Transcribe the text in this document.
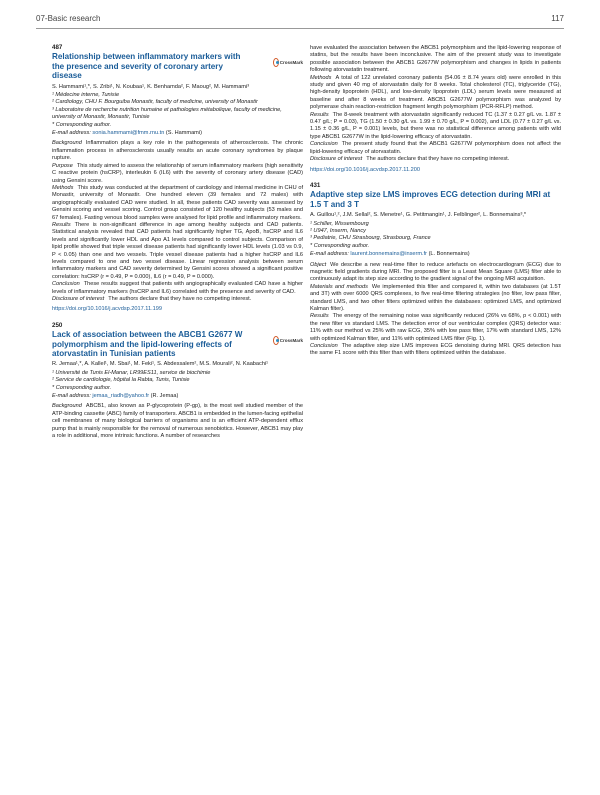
07-Basic research	117
487
Relationship between inflammatory markers with the presence and severity of coronary artery disease
CrossMark
S. Hammami¹,*, S. Zribi¹, N. Koubaa¹, K. Benhamda², F. Maoug², M. Hammami³
¹ Médecine interne, Tunisie
² Cardiology, CHU F. Bourguiba Monastir, faculty of medicine, university of Monastir
³ Laboratoire de recherche nutrition humaine et pathologies métabolique, faculty of medicine, university of Monastir, Monastir, Tunisie
* Corresponding author.
E-mail address: sonia.hammami@fmm.rnu.tn (S. Hammami)

Background Inflammation plays a key role in the pathogenesis of atherosclerosis. The chronic inflammation process in atherosclerosis usually results an acute coronary syndromes by plaque rupture.

Purpose This study aimed to assess the relationship of serum inflammatory markers (high sensitivity C reactive protein (hsCRP), interleukin 6 (IL6) with the severity of coronary artery disease (CAD) using Gensini score.

Methods This study was conducted at the department of cardiology and internal medicine in CHU of Monastir, university of Monastir. One hundred eleven (39 females and 72 males) with angiographically evaluated CAD were studied. In all, these patients CAD severity was assessed by Gensini scoring and vessel scoring. Control group consisted of 120 healthy subjects (53 males and 67 females). Fasting venous blood samples were analysed for lipid profile and inflammatory markers.

Results There is non-significant difference in age among healthy subjects and CAD patients. Statistical analysis revealed that CAD patients had significantly higher TG, ApoB, hsCRP and IL6 levels and significantly lower HDL and Apo A1 levels compared to control subjects. Comparison of lipid profile showed that triple vessel disease patients had significantly lower HDL levels (1.03 vs 0.9, P < 0.05) than one and two vessels. Triple vessel disease patients had a higher hsCRP and IL6 levels compared to one and two vessel disease. Linear regression analysis between serum inflammatory markers and CAD severity determined by Gensini scores showed a significant positive correlation: hsCRP (r = 0.49, P = 0.000), IL6 (r = 0.49, P = 0.000).

Conclusion These results suggest that patients with angiographically evaluated CAD have a higher levels of inflammatory markers (hsCRP and IL6) correlated with the presence and severity of CAD.

Disclosure of interest The authors declare that they have no competing interest.

https://doi.org/10.1016/j.acvdsp.2017.11.199
250
Lack of association between the ABCB1 G2677 W polymorphism and the lipid-lowering effects of atorvastatin in Tunisian patients
CrossMark
R. Jemaa¹,*, A. Kallel¹, M. Sbai¹, M. Feki¹, S. Abdessalem², M.S. Mourali², N. Kaabachi¹
¹ Université de Tunis El-Manar, LR99ES11, service de biochimie
² Service de cardiologie, hôpital la Rabta, Tunis, Tunisie
* Corresponding author.
E-mail address: jemaa_riadh@yahoo.fr (R. Jemaa)

Background ABCB1, also known as P-glycoprotein (P-gp), is the most well studied member of the ATP-binding cassette (ABC) family of transporters. ABCB1 is embedded in the lumen-facing epithelial cell membranes of many biological barriers of organisms and is an efficient ATP-dependent efflux pump that is mainly responsible for the removal of numerous xenobiotics. However, ABCB1 may play a role in additional, more intrinsic functions. A number of researches

have evaluated the association between the ABCB1 polymorphism and the lipid-lowering response of statins, but the results have been inconclusive. The aim of the present study was to investigate possible association between the ABCB1 G2677W polymorphism and changes in lipids in patients following atorvastatin treatment.

Methods A total of 122 unrelated coronary patients (54.06 ± 8.74 years old) were enrolled in this study and given 40 mg of atorvastatin daily for 8 weeks. Total cholesterol (TC), triglyceride (TG), high-density lipoprotein (HDL), and low-density lipoprotein (LDL) serum levels were measured at baseline and after 8 weeks of treatment. ABCB1 G2677W polymorphism was analyzed by polymerase chain reaction-restriction fragment length polymorphism (PCR-RFLP) method.

Results The 8-week treatment with atorvastatin significantly reduced TC (1.37 ± 0.27 g/L vs. 1.87 ± 0.47 g/L; P = 0.03), TG (1.50 ± 0.30 g/L vs. 1.99 ± 0.70 g/L, P = 0.002), and LDL (0.77 ± 0.27 g/L vs. 1.15 ± 0.36 g/L, P = 0.001) levels, but there was no statistical difference among patients with wild type ABCB1 G2677W in the lipid-lowering efficacy of atorvastatin.

Conclusion The present study found that the ABCB1 G2677W polymorphism does not affect the lipid-lowering efficacy of atorvastatin.

Disclosure of interest The authors declare that they have no competing interest.

https://doi.org/10.1016/j.acvdsp.2017.11.200
431
Adaptive step size LMS improves ECG detection during MRI at 1.5 T and 3 T
A. Guillou¹,², J.M. Sellal², S. Menetre¹, G. Petitmangin¹, J. Felblinger², L. Bonnemains³,*
¹ Schiller, Wissembourg
² U947, Inserm, Nancy
³ Pediatrie, CHU Strasbourg, Strasbourg, France
* Corresponding author.
E-mail address: laurent.bonnemains@inserm.fr (L. Bonnemains)

Object We describe a new real-time filter to reduce artefacts on electrocardiogram (ECG) due to magnetic field gradients during MRI. The proposed filter is a Least Mean Square (LMS) filter able to continuously adapt its step size according to the gradient signal of the ongoing MRI acquisition.

Materials and methods We implemented this filter and compared it, within two databases (at 1.5T and 3T) with over 6000 QRS complexes, to five real-time filtering strategies (no filter, low pass filter, standard LMS, and two other filters optimized within the databases: optimized LMS, and optimized Kalman filter).

Results The energy of the remaining noise was significantly reduced (26% vs 68%, p < 0.001) with the new filter vs standard LMS. The detection error of our ventricular complex (QRS) detector was: 11% with our method vs 25% with raw ECG, 35% with low pass filter, 17% with standard LMS, 12% with optimized Kalman filter, and 11% with optimized LMS filter (Fig. 1).

Conclusion The adaptive step size LMS improves ECG denoising during MRI. QRS detection has the same F1 score with this filter than with filters optimized within the database.
